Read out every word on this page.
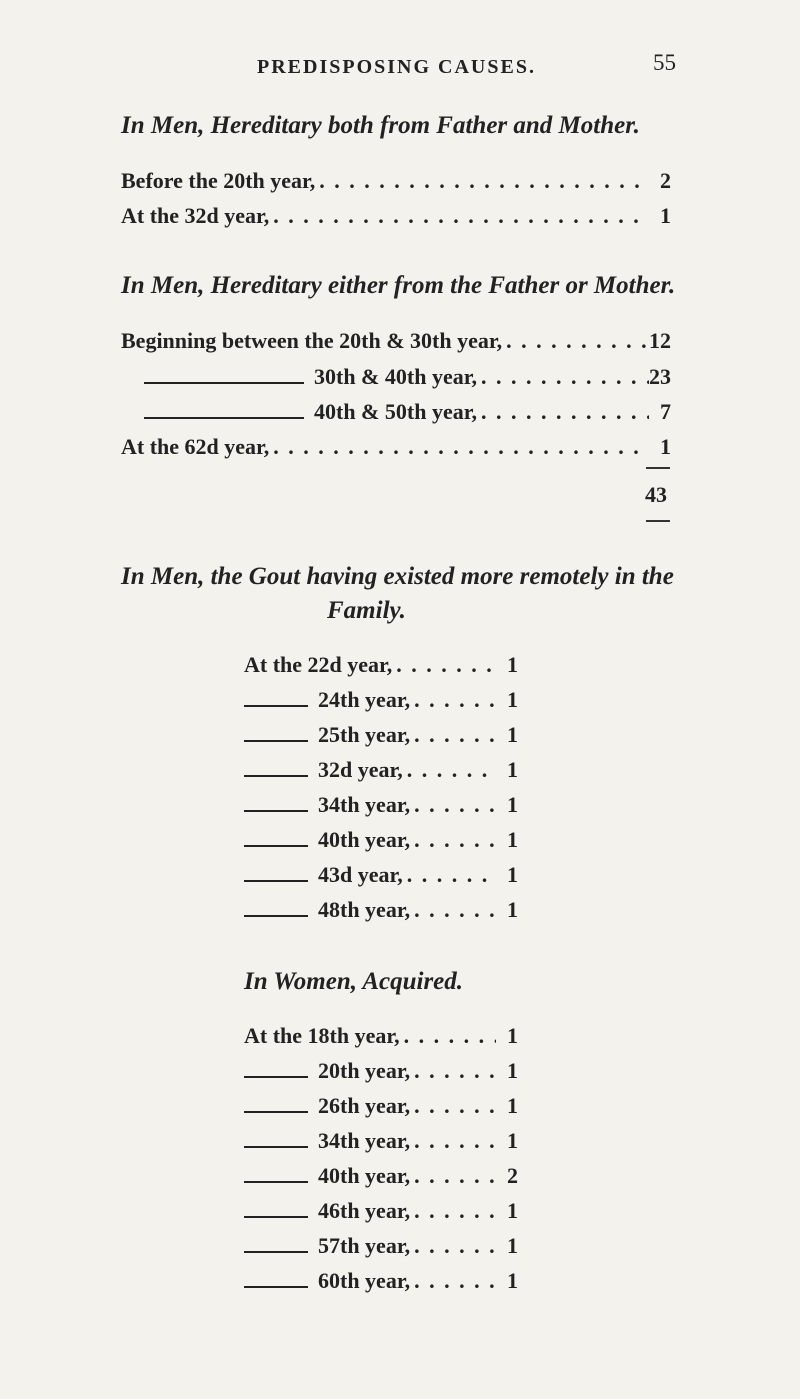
PREDISPOSING CAUSES.	55
In Men, Hereditary both from Father and Mother.
Before the 20th year, . . .	2
At the 32d year, . . .	1
In Men, Hereditary either from the Father or Mother.
Beginning between the 20th & 30th year, . . .	12
30th & 40th year, . . .	23
40th & 50th year, . . .	7
At the 62d year, . . .	1
43
In Men, the Gout having existed more remotely in the
Family.
At the 22d year, . . .	1
24th year, . . .	1
25th year, . . .	1
32d year, . . .	1
34th year, . . .	1
40th year, . . .	1
43d year, . . .	1
48th year, . . .	1
In Women, Acquired.
At the 18th year, . . .	1
20th year, . . .	1
26th year, . . .	1
34th year, . . .	1
40th year, . . .	2
46th year, . . .	1
57th year, . . .	1
60th year, . . .	1
